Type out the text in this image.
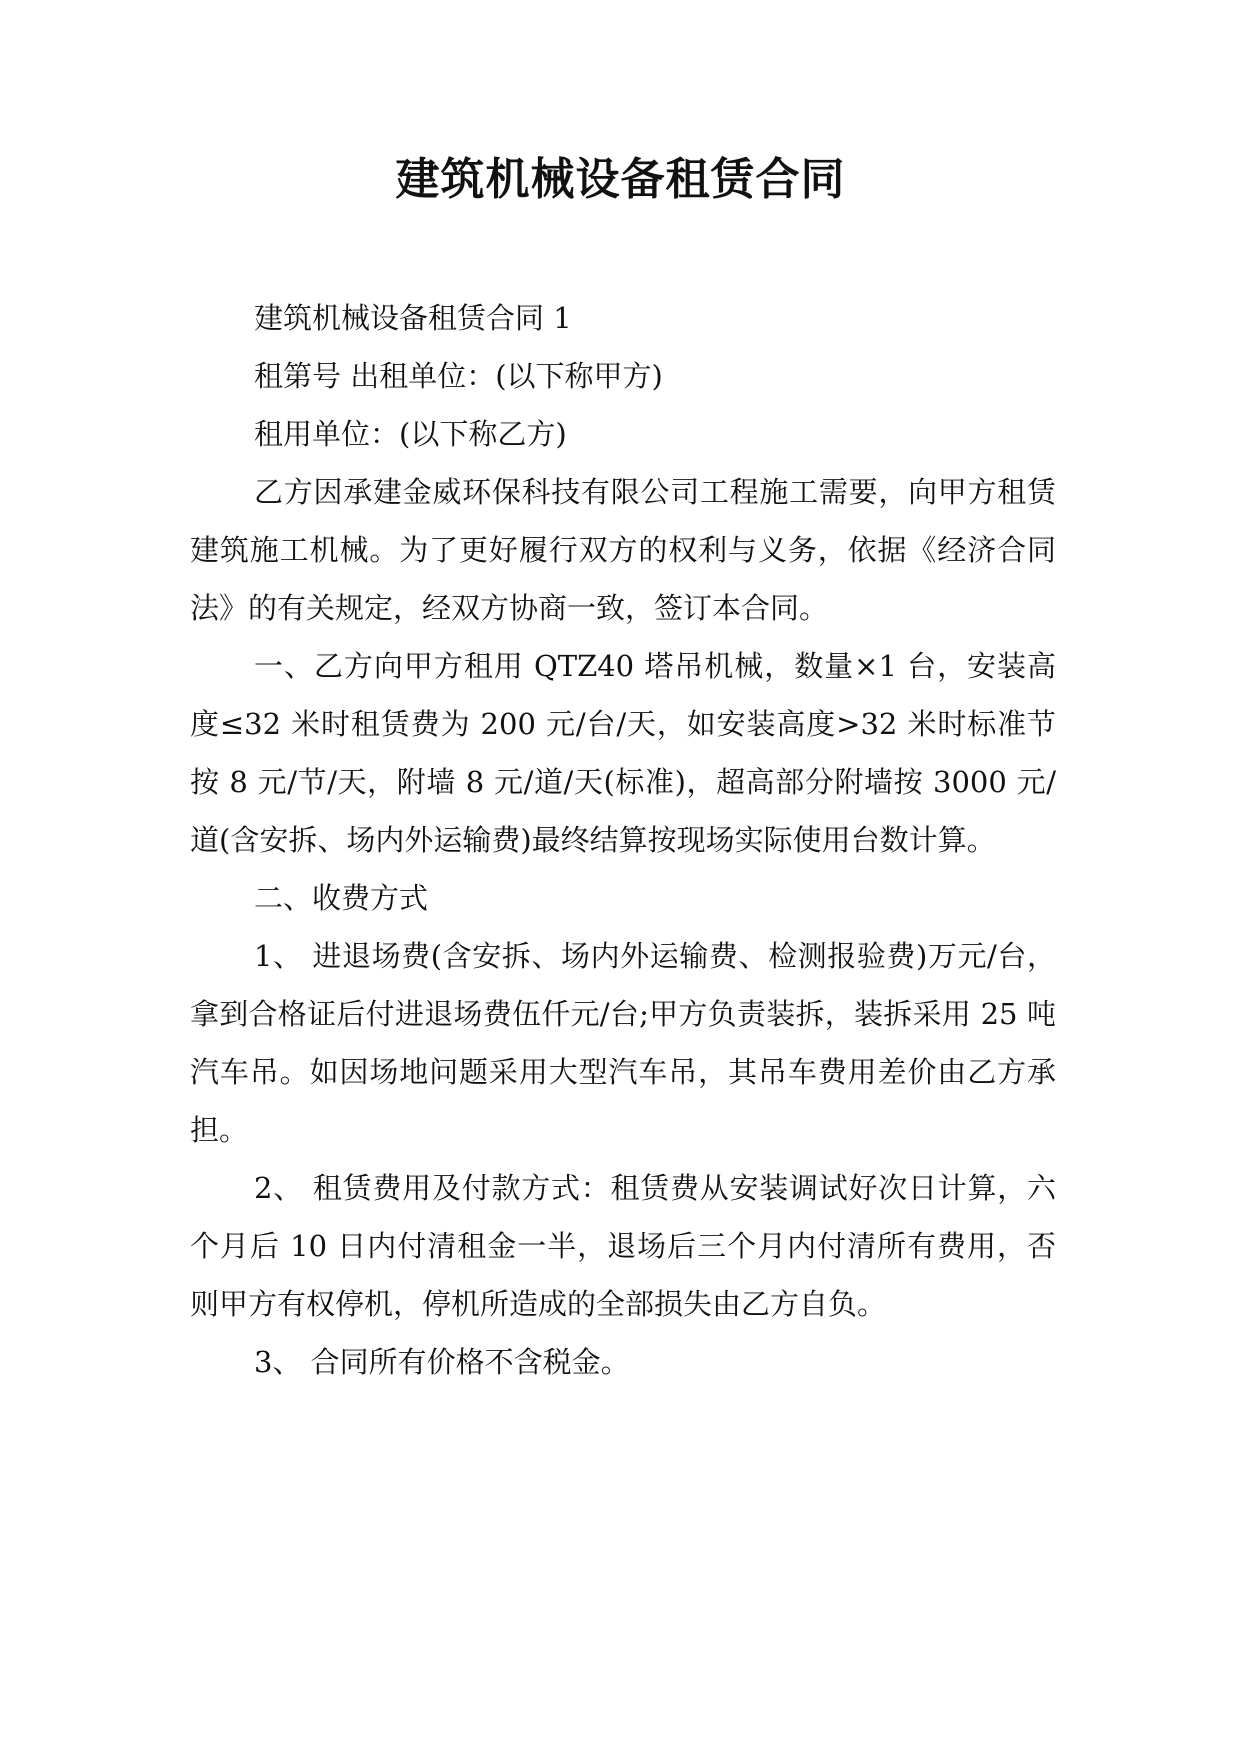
建筑机械设备租赁合同

建筑机械设备租赁合同 1

租第号 出租单位：(以下称甲方)

租用单位：(以下称乙方)

乙方因承建金威环保科技有限公司工程施工需要，向甲方租赁建筑施工机械。为了更好履行双方的权利与义务，依据《经济合同法》的有关规定，经双方协商一致，签订本合同。

一、乙方向甲方租用 QTZ40 塔吊机械，数量×1 台，安装高度≤32 米时租赁费为 200 元/台/天，如安装高度>32 米时标准节按 8 元/节/天，附墙 8 元/道/天(标准)，超高部分附墙按 3000 元/道(含安拆、场内外运输费)最终结算按现场实际使用台数计算。

二、收费方式

1、 进退场费(含安拆、场内外运输费、检测报验费)万元/台，拿到合格证后付进退场费伍仟元/台;甲方负责装拆，装拆采用 25 吨汽车吊。如因场地问题采用大型汽车吊，其吊车费用差价由乙方承担。

2、 租赁费用及付款方式：租赁费从安装调试好次日计算，六个月后 10 日内付清租金一半，退场后三个月内付清所有费用，否则甲方有权停机，停机所造成的全部损失由乙方自负。

3、 合同所有价格不含税金。
